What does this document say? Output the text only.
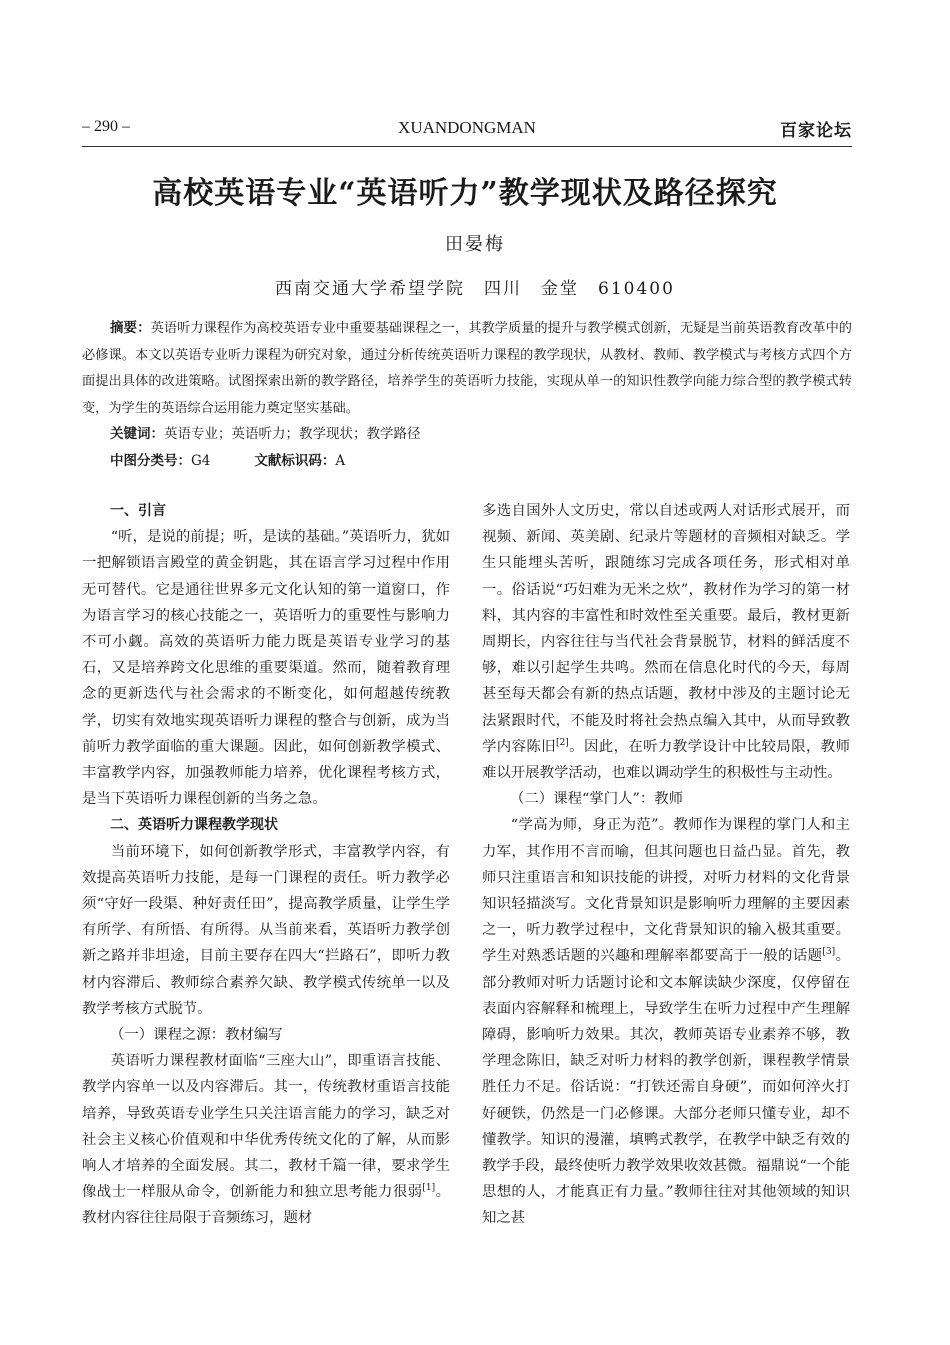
– 290 –	XUANDONGMAN	百家论坛
高校英语专业“英语听力”教学现状及路径探究
田晏梅
西南交通大学希望学院　四川　金堂　610400
摘要：英语听力课程作为高校英语专业中重要基础课程之一，其教学质量的提升与教学模式创新，无疑是当前英语教育改革中的必修课。本文以英语专业听力课程为研究对象，通过分析传统英语听力课程的教学现状，从教材、教师、教学模式与考核方式四个方面提出具体的改进策略。试图探索出新的教学路径，培养学生的英语听力技能，实现从单一的知识性教学向能力综合型的教学模式转变，为学生的英语综合运用能力奠定坚实基础。
关键词：英语专业；英语听力；教学现状；教学路径
中图分类号：G4	文献标识码：A

一、引言

“听，是说的前提；听，是读的基础。”英语听力，犹如一把解锁语言殿堂的黄金钥匙，其在语言学习过程中作用无可替代。它是通往世界多元文化认知的第一道窗口，作为语言学习的核心技能之一，英语听力的重要性与影响力不可小觑。高效的英语听力能力既是英语专业学习的基石，又是培养跨文化思维的重要渠道。然而，随着教育理念的更新迭代与社会需求的不断变化，如何超越传统教学，切实有效地实现英语听力课程的整合与创新，成为当前听力教学面临的重大课题。因此，如何创新教学模式、丰富教学内容，加强教师能力培养，优化课程考核方式，是当下英语听力课程创新的当务之急。

二、英语听力课程教学现状

当前环境下，如何创新教学形式，丰富教学内容，有效提高英语听力技能，是每一门课程的责任。听力教学必须“守好一段渠、种好责任田”，提高教学质量，让学生学有所学、有所悟、有所得。从当前来看，英语听力教学创新之路并非坦途，目前主要存在四大“拦路石”，即听力教材内容滞后、教师综合素养欠缺、教学模式传统单一以及教学考核方式脱节。

（一）课程之源：教材编写

英语听力课程教材面临“三座大山”，即重语言技能、教学内容单一以及内容滞后。其一，传统教材重语言技能培养，导致英语专业学生只关注语言能力的学习，缺乏对社会主义核心价值观和中华优秀传统文化的了解，从而影响人才培养的全面发展。其二，教材千篇一律，要求学生像战士一样服从命令，创新能力和独立思考能力很弱[1]。教材内容往往局限于音频练习，题材

多选自国外人文历史，常以自述或两人对话形式展开，而视频、新闻、英美剧、纪录片等题材的音频相对缺乏。学生只能埋头苦听，跟随练习完成各项任务，形式相对单一。俗话说“巧妇难为无米之炊”，教材作为学习的第一材料，其内容的丰富性和时效性至关重要。最后，教材更新周期长，内容往往与当代社会背景脱节，材料的鲜活度不够，难以引起学生共鸣。然而在信息化时代的今天，每周甚至每天都会有新的热点话题，教材中涉及的主题讨论无法紧跟时代，不能及时将社会热点编入其中，从而导致教学内容陈旧[2]。因此，在听力教学设计中比较局限，教师难以开展教学活动，也难以调动学生的积极性与主动性。

（二）课程“掌门人”：教师

“学高为师，身正为范”。教师作为课程的掌门人和主力军，其作用不言而喻，但其问题也日益凸显。首先，教师只注重语言和知识技能的讲授，对听力材料的文化背景知识轻描淡写。文化背景知识是影响听力理解的主要因素之一，听力教学过程中，文化背景知识的输入极其重要。学生对熟悉话题的兴趣和理解率都要高于一般的话题[3]。部分教师对听力话题讨论和文本解读缺少深度，仅停留在表面内容解释和梳理上，导致学生在听力过程中产生理解障碍，影响听力效果。其次，教师英语专业素养不够，教学理念陈旧，缺乏对听力材料的教学创新，课程教学情景胜任力不足。俗话说：“打铁还需自身硬”，而如何淬火打好硬铁，仍然是一门必修课。大部分老师只懂专业，却不懂教学。知识的漫灌，填鸭式教学，在教学中缺乏有效的教学手段，最终使听力教学效果收效甚微。福鼎说“一个能思想的人，才能真正有力量。”教师往往对其他领域的知识知之甚
